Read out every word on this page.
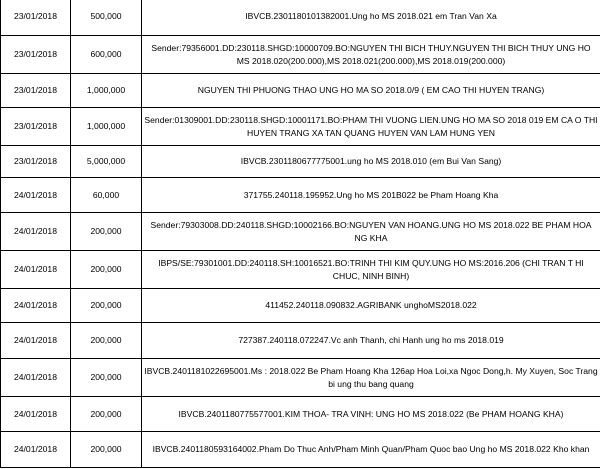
23/01/2018	500,000	IBVCB.2301180101382001.Ung ho MS 2018.021 em Tran Van Xa
23/01/2018	600,000	Sender:79356001.DD:230118.SHGD:10000709.BO:NGUYEN THI BICH THUY.NGUYEN THI BICH THUY UNG HO MS 2018.020(200.000),MS 2018.021(200.000),MS 2018.019(200.000)
23/01/2018	1,000,000	NGUYEN THI PHUONG THAO UNG HO MA SO 2018.0/9 ( EM CAO THI HUYEN TRANG)
23/01/2018	1,000,000	Sender:01309001.DD:230118.SHGD:10001171.BO:PHAM THI VUONG LIEN.UNG HO MA SO 2018 019 EM CA O THI HUYEN TRANG XA TAN QUANG HUYEN VAN LAM HUNG YEN
23/01/2018	5,000,000	IBVCB.2301180677775001.ung ho MS 2018.010 (em Bui Van Sang)
24/01/2018	60,000	371755.240118.195952.Ung ho MS 201B022 be Pham Hoang Kha
24/01/2018	200,000	Sender:79303008.DD:240118.SHGD:10002166.BO:NGUYEN VAN HOANG.UNG HO MS 2018.022 BE PHAM HOA NG KHA
24/01/2018	200,000	IBPS/SE:79301001.DD:240118.SH:10016521.BO:TRINH THI KIM QUY.UNG HO MS:2016.206 (CHI TRAN T HI CHUC, NINH BINH)
24/01/2018	200,000	411452.240118.090832.AGRIBANK unghoMS2018.022
24/01/2018	200,000	727387.240118.072247.Vc anh Thanh, chi Hanh ung ho ms 2018.019
24/01/2018	200,000	IBVCB.2401181022695001.Ms : 2018.022 Be Pham Hoang Kha 126ap Hoa Loi,xa Ngoc Dong,h. My Xuyen, Soc Trang bi ung thu bang quang
24/01/2018	200,000	IBVCB.2401180775577001.KIM THOA- TRA VINH: UNG HO MS 2018.022 (Be PHAM HOANG KHA)
24/01/2018	200,000	IBVCB.2401180593164002.Pham Do Thuc Anh/Pham Minh Quan/Pham Quoc bao Ung ho MS 2018.022 Kho khan
